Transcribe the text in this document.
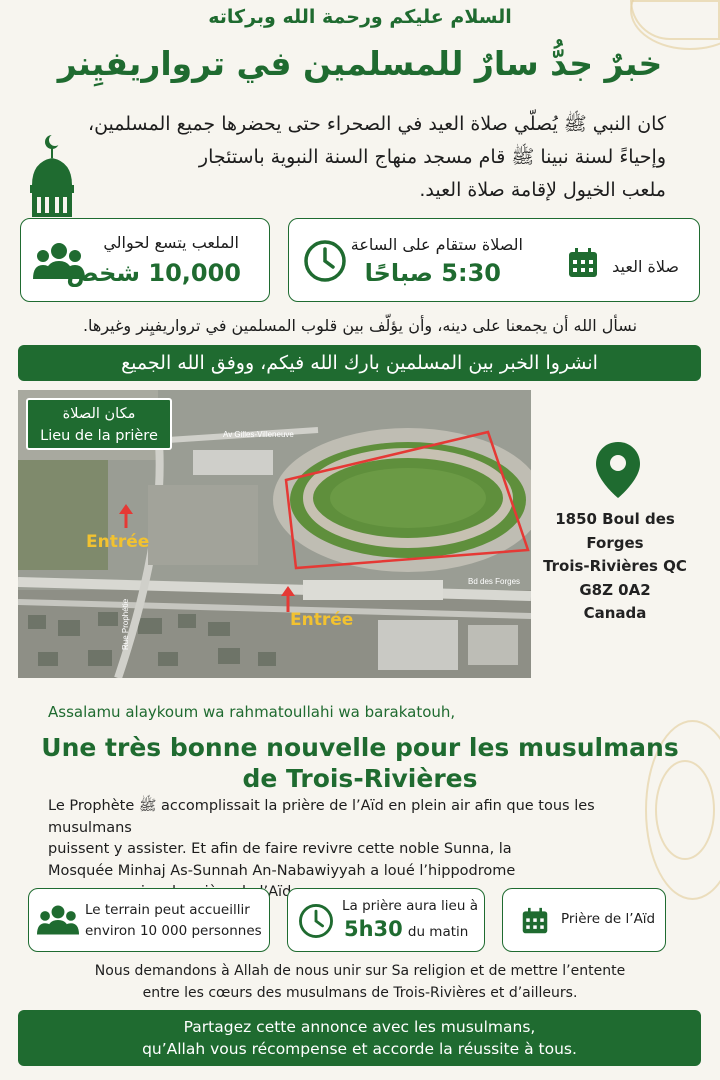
السلام عليكم ورحمة الله وبركاته
خبرٌ جدُّ سارٌ للمسلمين في ترواريفيِنر
كان النبي ﷺ يُصلّي صلاة العيد في الصحراء حتى يحضرها جميع المسلمين،
وإحياءً لسنة نبينا ﷺ قام مسجد منهاج السنة النبوية باستئجار
ملعب الخيول لإقامة صلاة العيد.
الملعب يتسع لحوالي
10,000 شخص
الصلاة ستقام على الساعة
5:30 صباحًا	صلاة العيد
نسأل الله أن يجمعنا على دينه، وأن يؤلّف بين قلوب المسلمين في ترواريفيِنر وغيرها.
انشروا الخبر بين المسلمين بارك الله فيكم، ووفق الله الجميع
Av Gilles-Villeneuve
Bd des Forges
Rue Prophétie
مكان الصلاة
Lieu de la prière
Entrée
Entrée
1850 Boul des Forges
Trois-Rivières QC
G8Z 0A2
Canada
Assalamu alaykoum wa rahmatoullahi wa barakatouh,
Une très bonne nouvelle pour les musulmans
de Trois-Rivières
Le Prophète ﷺ accomplissait la prière de l’Aïd en plein air afin que tous les musulmans
puissent y assister. Et afin de faire revivre cette noble Sunna, la
Mosquée Minhaj As-Sunnah An-Nabawiyyah a loué l’hippodrome
l’Aïd.
Le terrain peut accueillir
environ 10 000 personnes
La prière aura lieu à
5h30 du matin
Prière de l’Aïd
Nous demandons à Allah de nous unir sur Sa religion et de mettre l’entente
entre les cœurs des musulmans de Trois-Rivières et d’ailleurs.
Partagez cette annonce avec les musulmans,
qu’Allah vous récompense et accorde la réussite à tous.
